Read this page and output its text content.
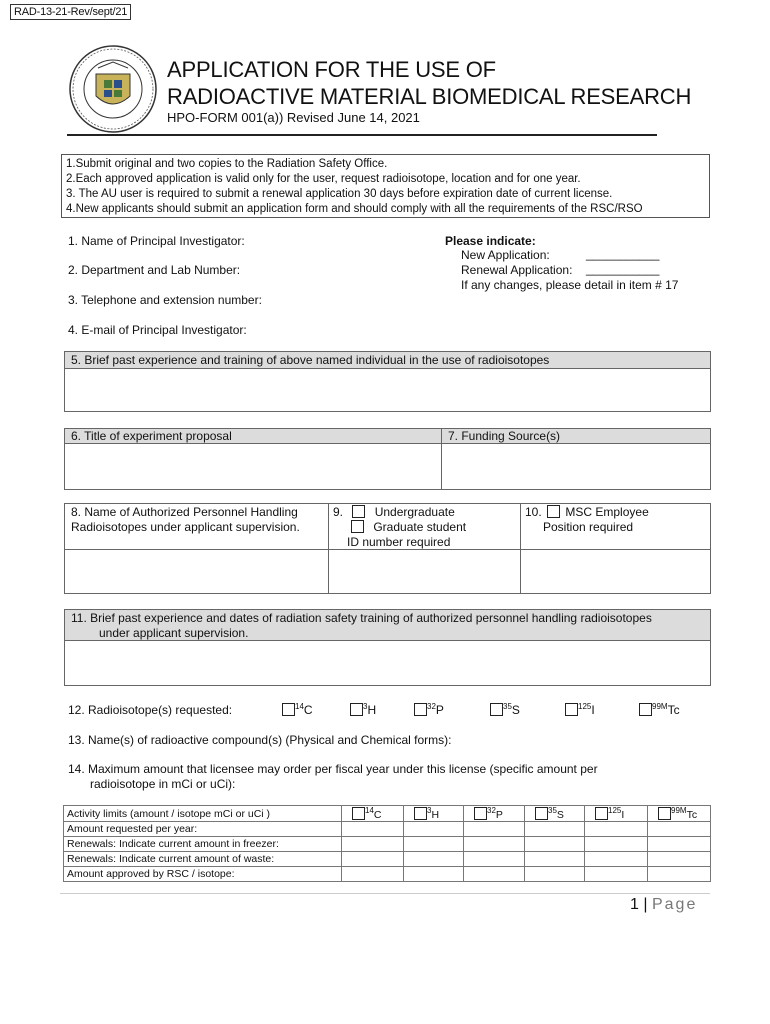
RAD-13-21-Rev/sept/21
APPLICATION FOR THE USE OF
RADIOACTIVE MATERIAL BIOMEDICAL RESEARCH
HPO-FORM 001(a)) Revised June 14, 2021
1.Submit original and two copies to the Radiation Safety Office.
2.Each approved application is valid only for the user, request radioisotope, location and for one year.
3. The AU user is required to submit a renewal application 30 days before expiration date of current license.
4.New applicants should submit an application form and should comply with all the requirements of the RSC/RSO
1. Name of Principal Investigator:
2. Department and Lab Number:
3. Telephone and extension number:
4. E-mail of Principal Investigator:
Please indicate:
New Application:	___________
Renewal Application: ___________
If any changes, please detail in item # 17
5. Brief past experience and training of above named individual in the use of radioisotopes
6. Title of experiment proposal	7. Funding Source(s)
8. Name of Authorized Personnel Handling
Radioisotopes under applicant supervision.
9.	Undergraduate
Graduate student
ID number required
10. MSC Employee
Position required
11. Brief past experience and dates of radiation safety training of authorized personnel handling radioisotopes
under applicant supervision.
12. Radioisotope(s) requested:	$^{14}$C	$^3$H	$^{32}$P	$^{35}$S	$^{125}$I	$^{99M}$Tc
13. Name(s) of radioactive compound(s) (Physical and Chemical forms):
14. Maximum amount that licensee may order per fiscal year under this license (specific amount per
radioisotope in mCi or uCi):
Activity limits (amount / isotope mCi or uCi )	$^{14}$C	$^3$H	$^{32}$P	$^{35}$S	$^{125}$I	$^{99M}$Tc
Amount requested per year:						
Renewals: Indicate current amount in freezer:						
Renewals: Indicate current amount of waste:						
Amount approved by RSC / isotope:						
1 | Page
